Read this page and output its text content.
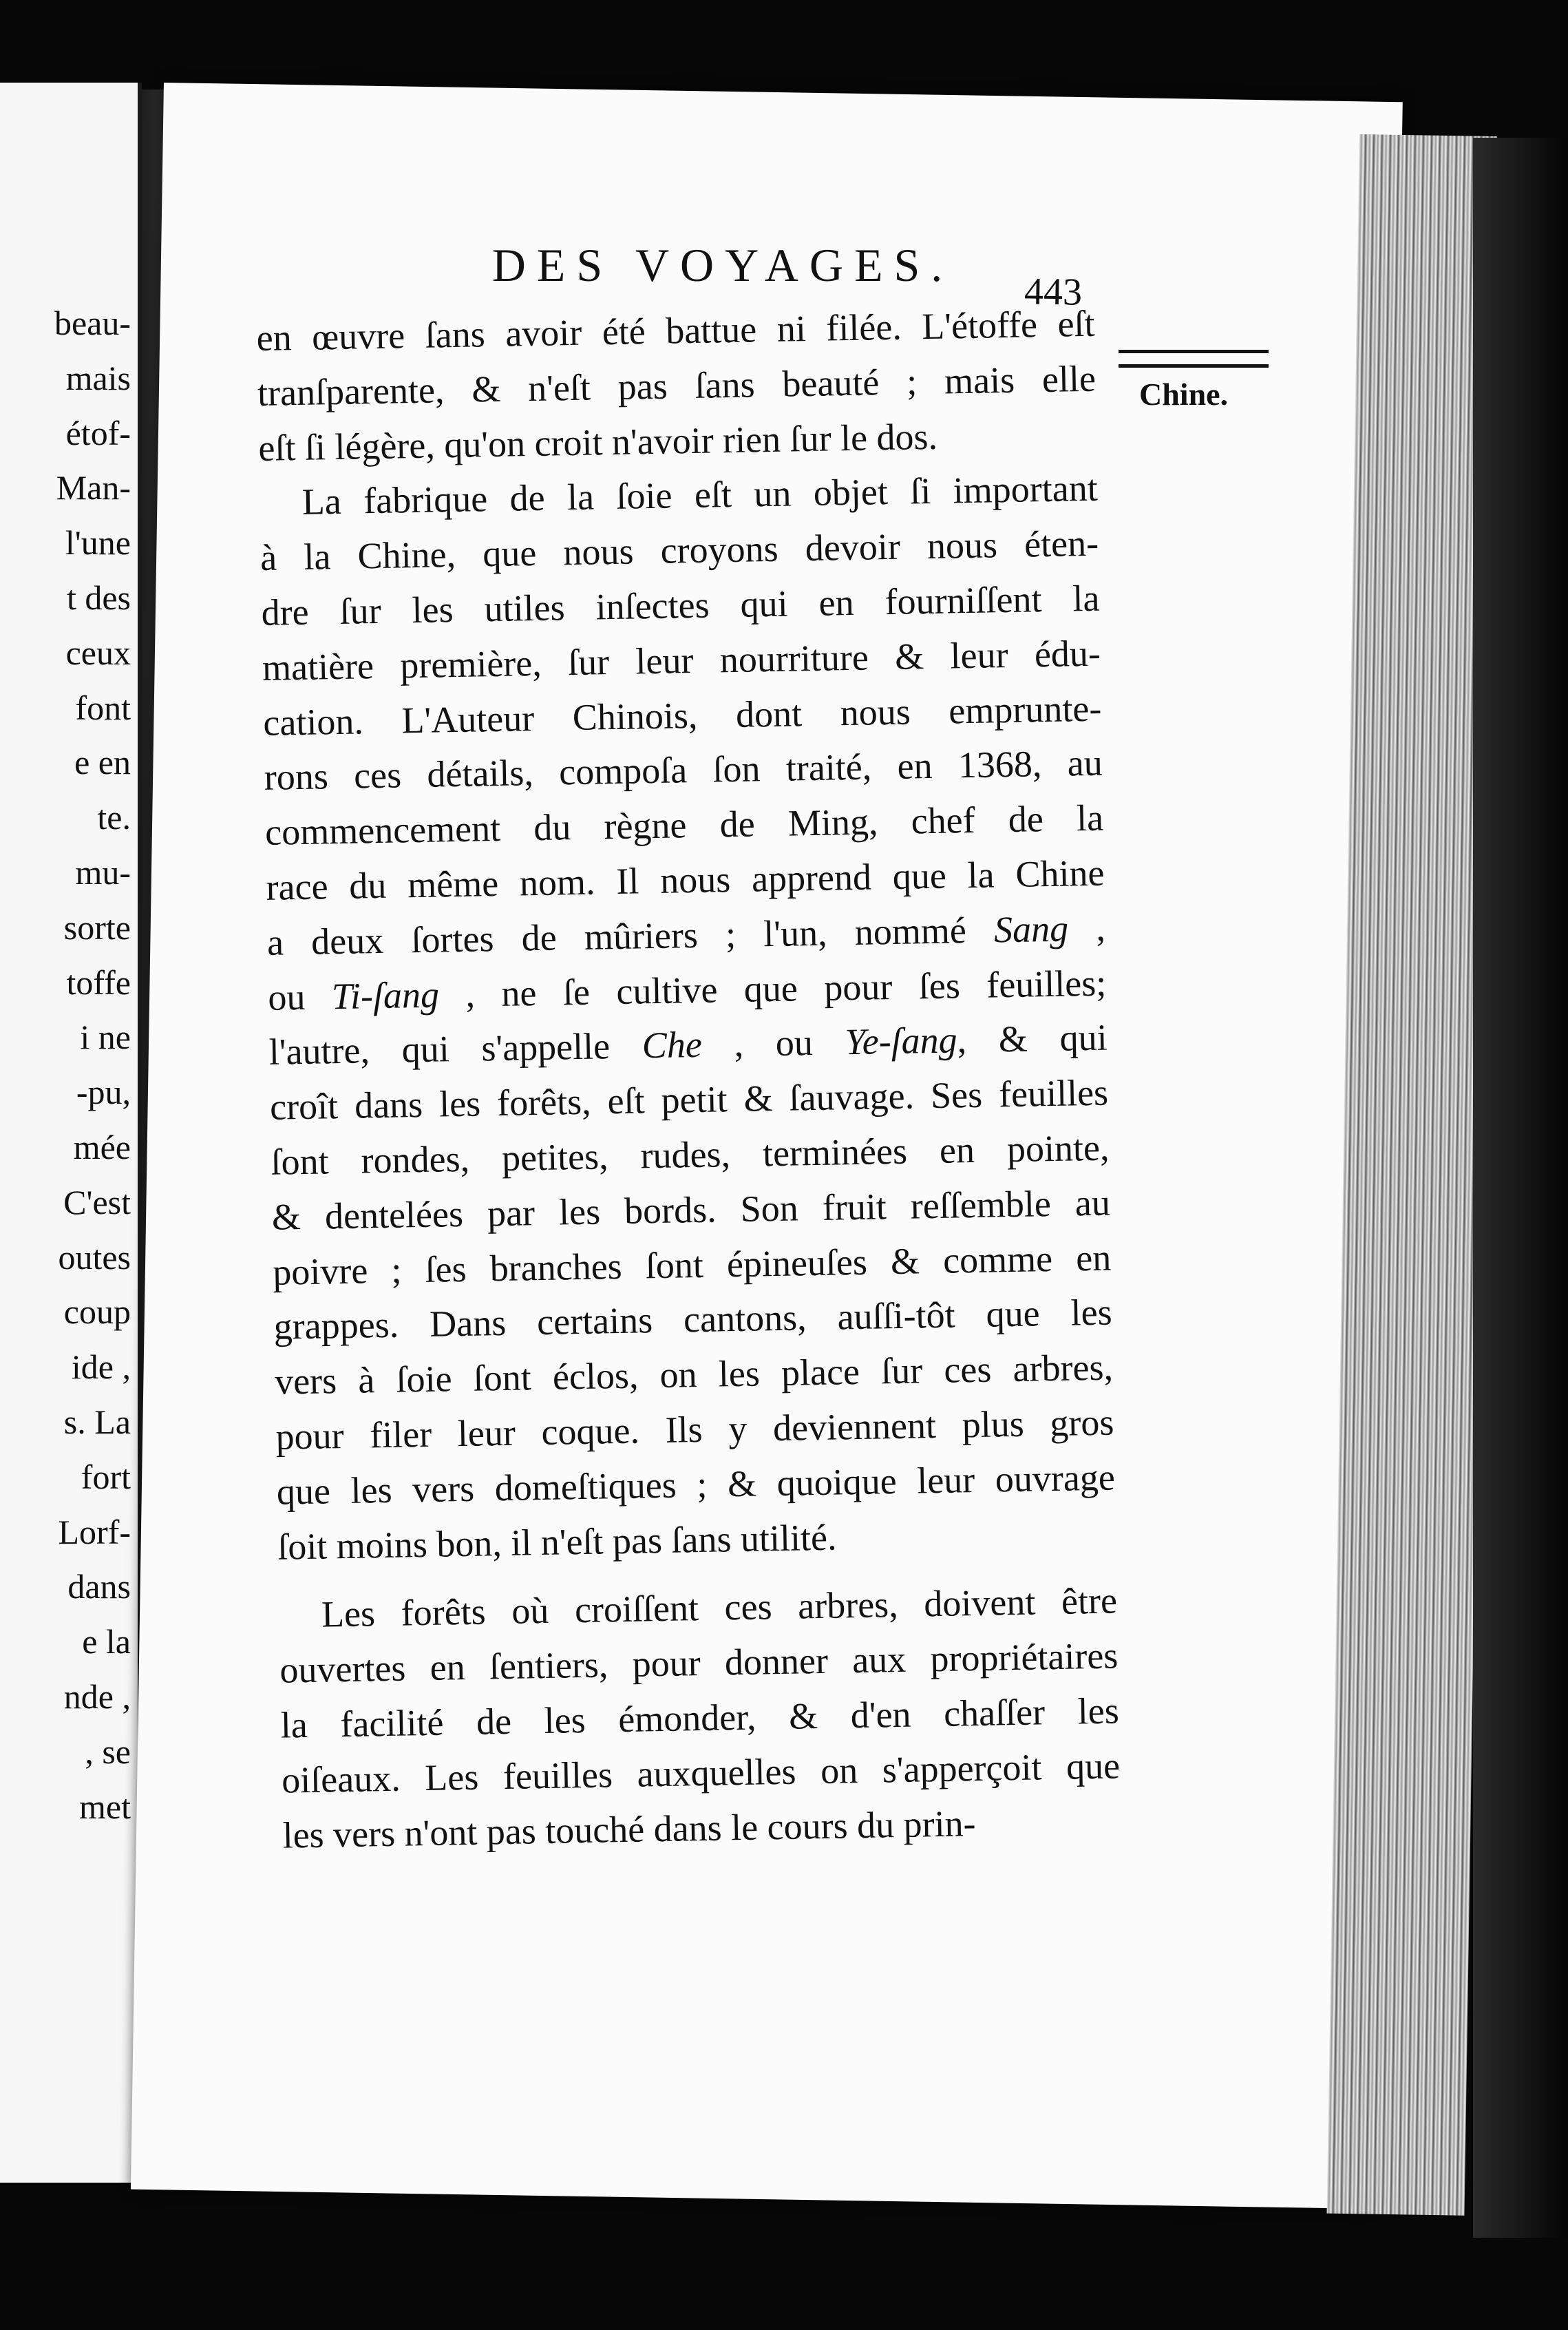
beau-
mais
étof-
Man-
l'une
t des
ceux
font
e en
te.
mu-
sorte
toffe
i ne
-pu,
mée
C'est
outes
coup
ide ,
s. La
fort
Lorf-
dans
e la
nde ,
, se
met
DES VOYAGES.
443
Chine.
en œuvre ſans avoir été battue ni filée. L'étoffe eſt
tranſparente, & n'eſt pas ſans beauté ; mais elle
eſt ſi légère, qu'on croit n'avoir rien ſur le dos.
La fabrique de la ſoie eſt un objet ſi important
à la Chine, que nous croyons devoir nous éten-
dre ſur les utiles inſectes qui en fourniſſent la
matière première, ſur leur nourriture & leur édu-
cation. L'Auteur Chinois, dont nous emprunte-
rons ces détails, compoſa ſon traité, en 1368, au
commencement du règne de Ming, chef de la
race du même nom. Il nous apprend que la Chine
a deux ſortes de mûriers ; l'un, nommé Sang ,
ou Ti-ſang , ne ſe cultive que pour ſes feuilles;
l'autre, qui s'appelle Che , ou Ye-ſang, & qui
croît dans les forêts, eſt petit & ſauvage. Ses feuilles
ſont rondes, petites, rudes, terminées en pointe,
& dentelées par les bords. Son fruit reſſemble au
poivre ; ſes branches ſont épineuſes & comme en
grappes. Dans certains cantons, auſſi-tôt que les
vers à ſoie ſont éclos, on les place ſur ces arbres,
pour filer leur coque. Ils y deviennent plus gros
que les vers domeſtiques ; & quoique leur ouvrage
ſoit moins bon, il n'eſt pas ſans utilité.
Les forêts où croiſſent ces arbres, doivent être
ouvertes en ſentiers, pour donner aux propriétaires
la facilité de les émonder, & d'en chaſſer les
oiſeaux. Les feuilles auxquelles on s'apperçoit que
les vers n'ont pas touché dans le cours du prin-
